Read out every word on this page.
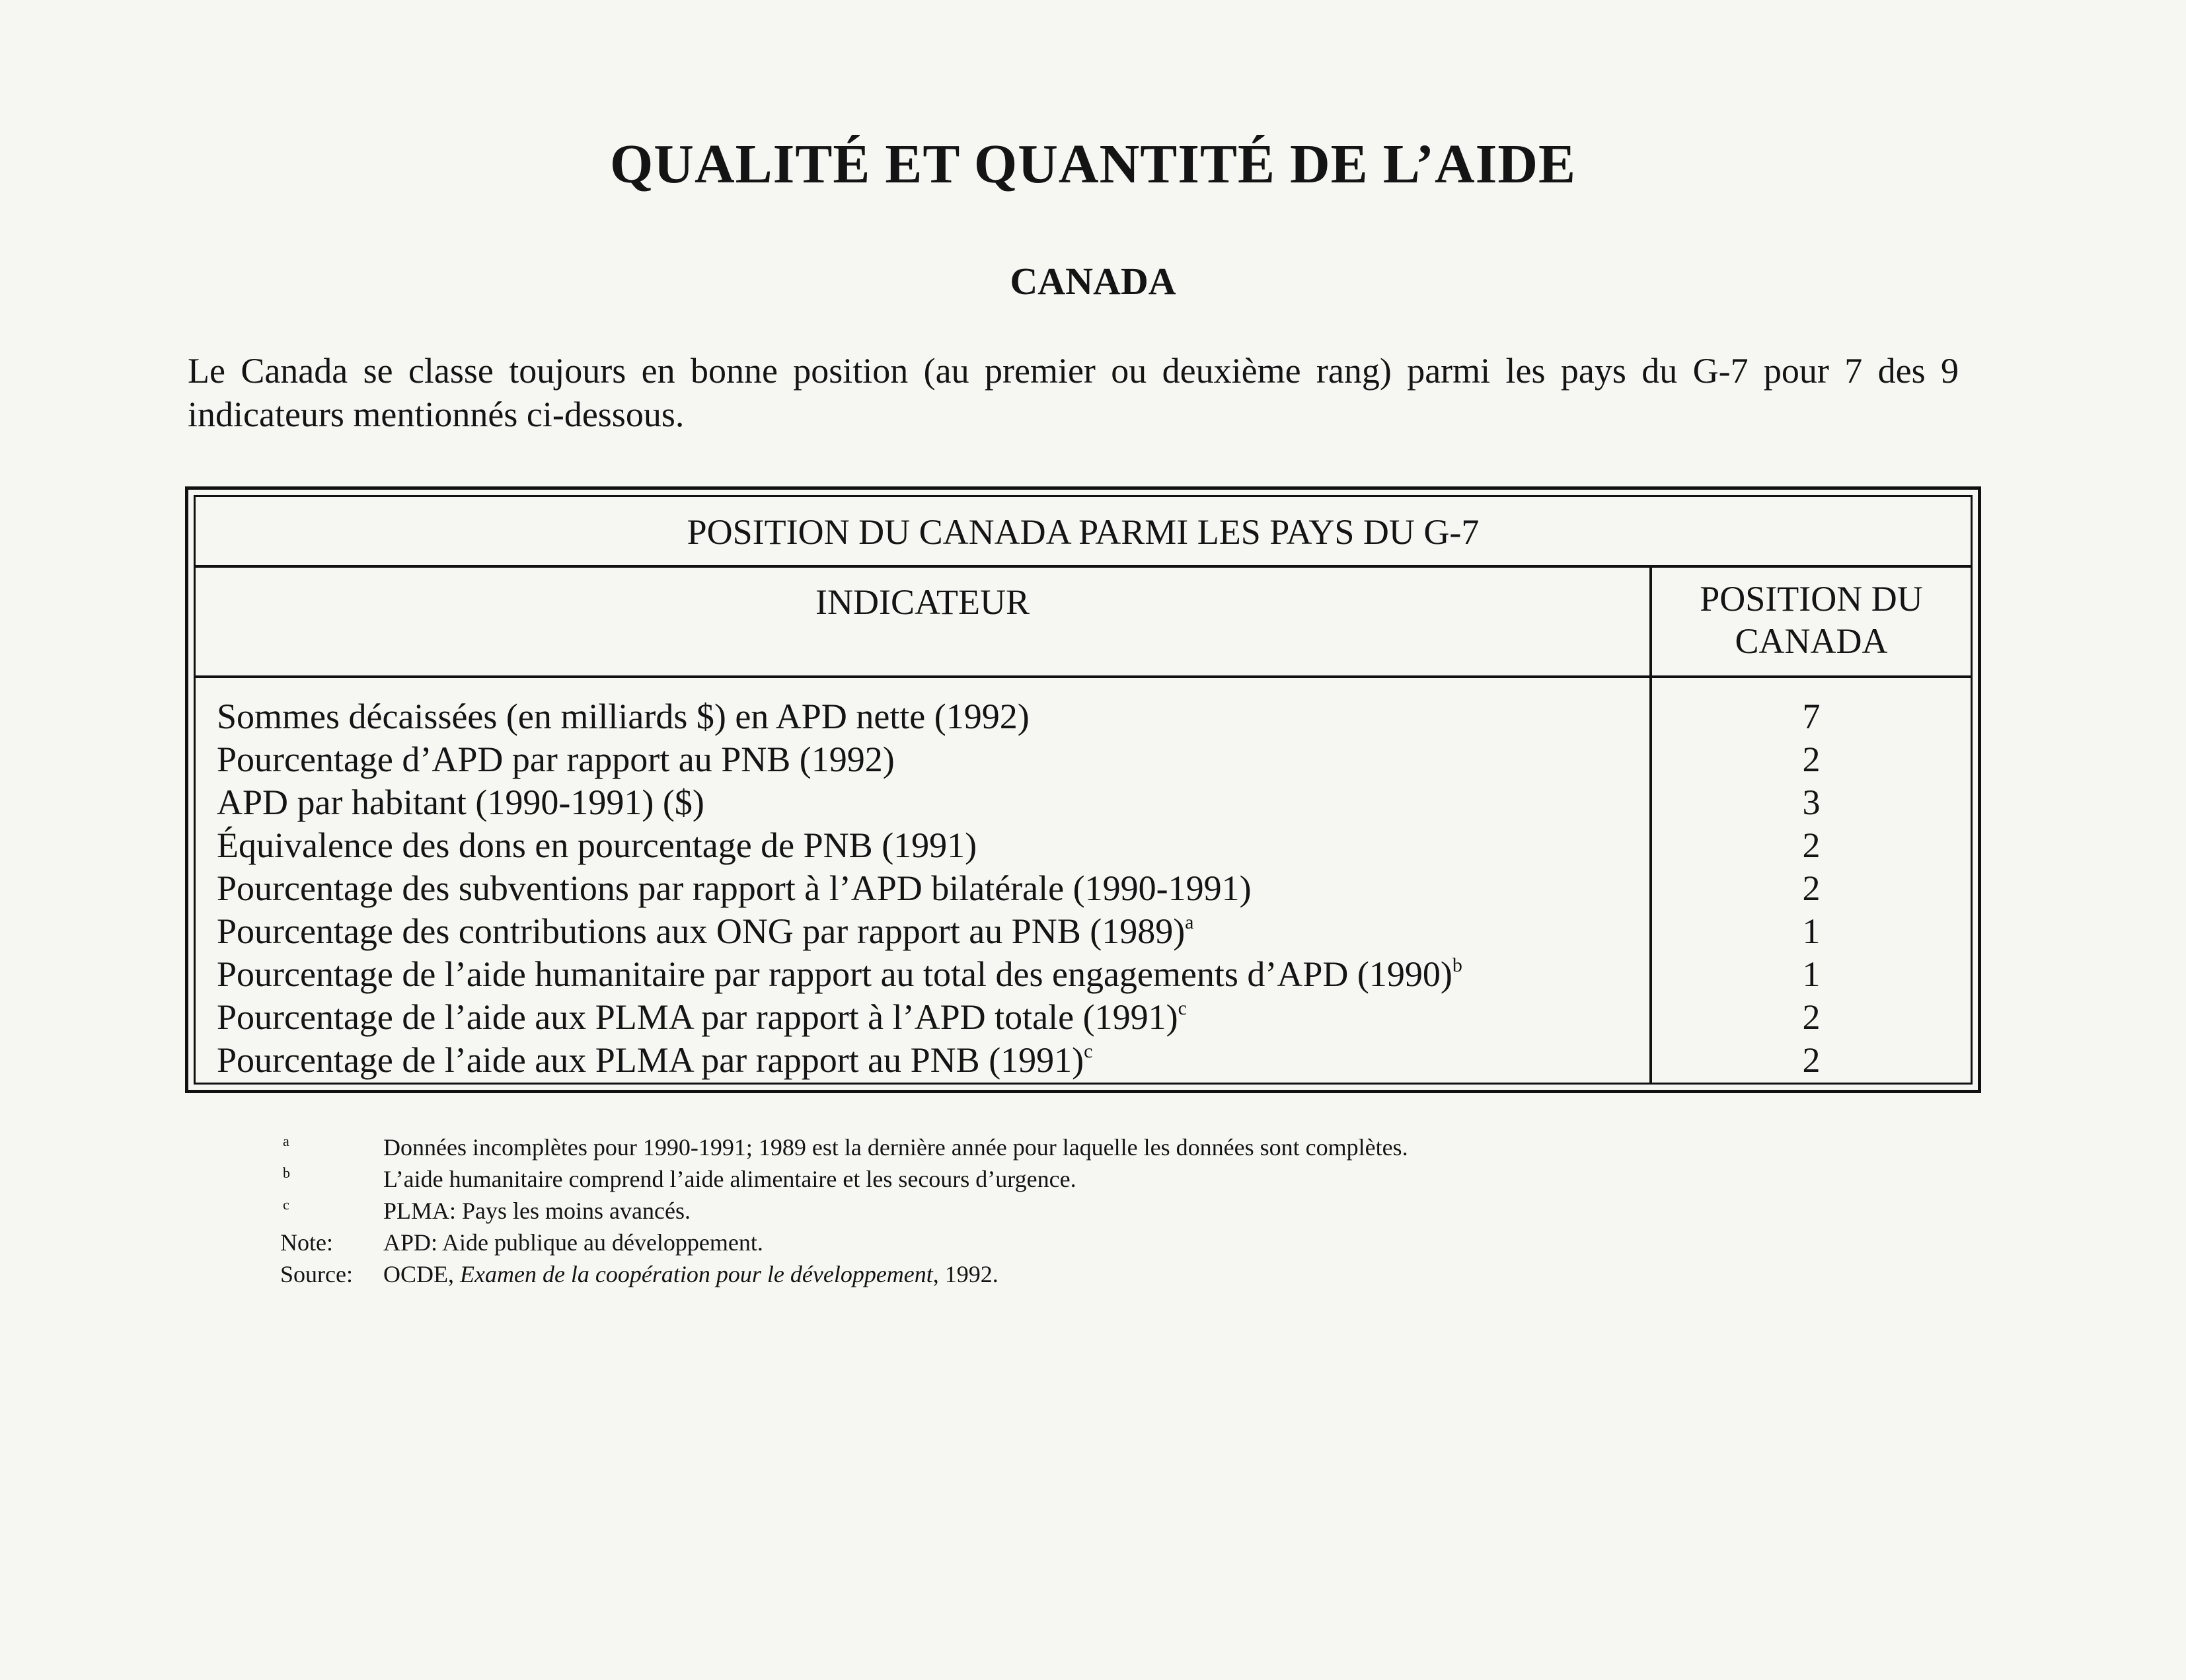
QUALITÉ ET QUANTITÉ DE L’AIDE
CANADA
Le Canada se classe toujours en bonne position (au premier ou deuxième rang) parmi les pays du G-7 pour 7 des 9 indicateurs mentionnés ci-dessous.
POSITION DU CANADA PARMI LES PAYS DU G-7
INDICATEUR	POSITION DU
CANADA
Sommes décaissées (en milliards $) en APD nette (1992)	7
Pourcentage d’APD par rapport au PNB (1992)	2
APD par habitant (1990-1991) ($)	3
Équivalence des dons en pourcentage de PNB (1991)	2
Pourcentage des subventions par rapport à l’APD bilatérale (1990-1991)	2
Pourcentage des contributions aux ONG par rapport au PNB $(1989)^a$	1
Pourcentage de l’aide humanitaire par rapport au total des engagements d’APD $(1990)^b$	1
Pourcentage de l’aide aux PLMA par rapport à l’APD totale $(1991)^c$	2
Pourcentage de l’aide aux PLMA par rapport au PNB $(1991)^c$	2
a	Données incomplètes pour 1990-1991; 1989 est la dernière année pour laquelle les données sont complètes.
b	L’aide humanitaire comprend l’aide alimentaire et les secours d’urgence.
c	PLMA: Pays les moins avancés.
Note:	APD: Aide publique au développement.
Source:	OCDE, Examen de la coopération pour le développement, 1992.
